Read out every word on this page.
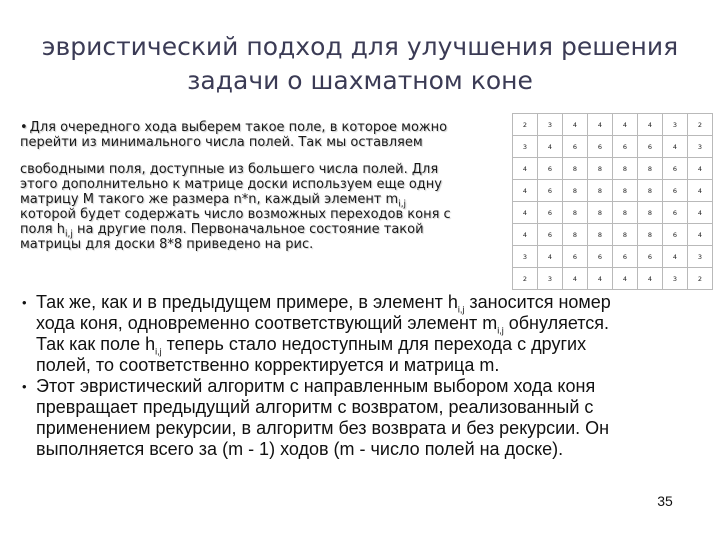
эвристический подход для улучшения решения
задачи о шахматном коне
• Для очередного хода выберем такое поле, в которое можно
перейти из минимального числа полей. Так мы оставляем
свободными поля, доступные из большего числа полей. Для
этого дополнительно к матрице доски используем еще одну
матрицу М такого же размера n*n, каждый элемент $m_{i,j}$
которой будет содержать число возможных переходов коня с
поля $h_{i,j}$ на другие поля. Первоначальное состояние такой
матрицы для доски 8*8 приведено на рис.
2	3	4	4	4	4	3	2
3	4	6	6	6	6	4	3
4	6	8	8	8	8	6	4
4	6	8	8	8	8	6	4
4	6	8	8	8	8	6	4
4	6	8	8	8	8	6	4
3	4	6	6	6	6	4	3
2	3	4	4	4	4	3	2
• Так же, как и в предыдущем примере, в элемент $h_{i,j}$ заносится номер
хода коня, одновременно соответствующий элемент $m_{i,j}$ обнуляется.
Так как поле $h_{i,j}$ теперь стало недоступным для перехода с других
полей, то соответственно корректируется и матрица m.
• Этот эвристический алгоритм с направленным выбором хода коня
превращает предыдущий алгоритм с возвратом, реализованный с
применением рекурсии, в алгоритм без возврата и без рекурсии. Он
выполняется всего за (m - 1) ходов (m - число полей на доске).
35
